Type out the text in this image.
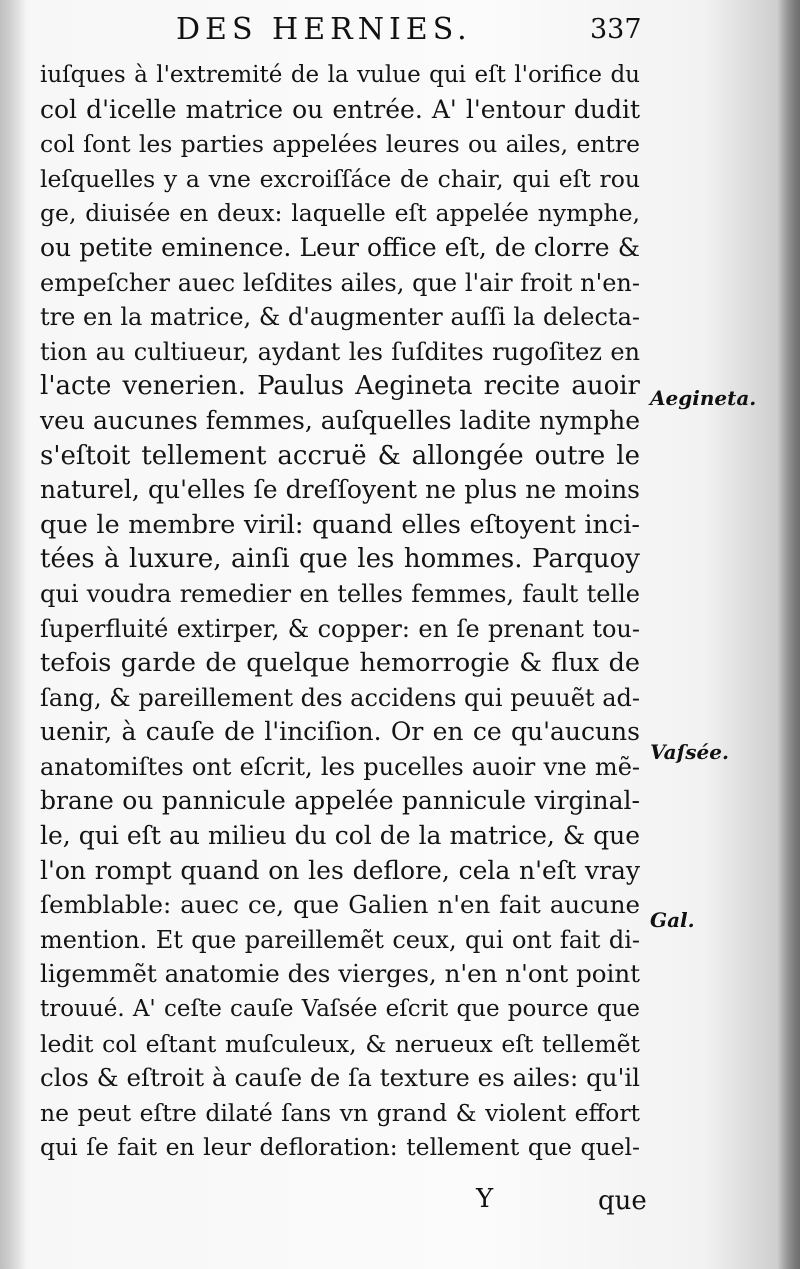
DES HERNIES.	337
iuſques à l'extremité de la vulue qui eſt l'orifice du
col d'icelle matrice ou entrée. A' l'entour dudit
col ſont les parties appelées leures ou ailes, entre
leſquelles y a vne excroiſſáce de chair, qui eſt rou
ge, diuisée en deux: laquelle eſt appelée nymphe,
ou petite eminence. Leur office eſt, de clorre &
empeſcher auec leſdites ailes, que l'air froit n'en-
tre en la matrice, & d'augmenter auſſi la delecta-
tion au cultiueur, aydant les ſuſdites rugoſitez en
l'acte venerien. Paulus Aegineta recite auoir
veu aucunes femmes, auſquelles ladite nymphe
s'eſtoit tellement accruë & allongée outre le
naturel, qu'elles ſe dreſſoyent ne plus ne moins
que le membre viril: quand elles eſtoyent inci-
tées à luxure, ainſi que les hommes. Parquoy
qui voudra remedier en telles femmes, fault telle
ſuperfluité extirper, & copper: en ſe prenant tou-
tefois garde de quelque hemorrogie & flux de
ſang, & pareillement des accidens qui peuuẽt ad-
uenir, à cauſe de l'inciſion. Or en ce qu'aucuns
anatomiſtes ont eſcrit, les pucelles auoir vne mẽ-
brane ou pannicule appelée pannicule virginal-
le, qui eſt au milieu du col de la matrice, & que
l'on rompt quand on les deflore, cela n'eſt vray
ſemblable: auec ce, que Galien n'en fait aucune
mention. Et que pareillemẽt ceux, qui ont fait di-
ligemmẽt anatomie des vierges, n'en n'ont point
trouué. A' ceſte cauſe Vaſsée eſcrit que pource que
ledit col eſtant muſculeux, & nerueux eſt tellemẽt
clos & eſtroit à cauſe de ſa texture es ailes: qu'il
ne peut eſtre dilaté ſans vn grand & violent effort
qui ſe fait en leur defloration: tellement que quel-
Aegineta.
Vaſsée.
Gal.
Y	que
